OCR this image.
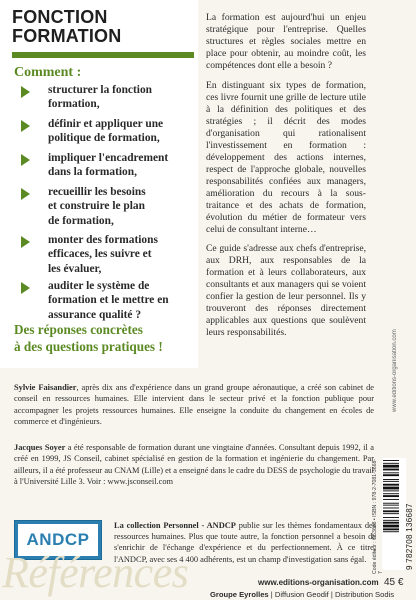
FONCTION
FORMATION
Comment :
structurer la fonction
formation,
définir et appliquer une
politique de formation,
impliquer l'encadrement
dans la formation,
recueillir les besoins
et construire le plan
de formation,
monter des formations
efficaces, les suivre et
les évaluer,
auditer le système de
formation et le mettre en
assurance qualité ?
Des réponses concrètes
à des questions pratiques !

La formation est aujourd'hui un enjeu stratégique pour l'entreprise. Quelles structures et règles sociales mettre en place pour obtenir, au moindre coût, les compétences dont elle a besoin ?

En distinguant six types de formation, ces livre fournit une grille de lecture utile à la définition des politiques et des stratégies ; il décrit des modes d'organisation qui rationalisent l'investissement en formation : développement des actions internes, respect de l'approche globale, nouvelles responsabilités confiées aux managers, amélioration du recours à la sous-traitance et des achats de formation, évolution du métier de formateur vers celui de consultant interne…

Ce guide s'adresse aux chefs d'entreprise, aux DRH, aux responsables de la formation et à leurs collaborateurs, aux consultants et aux managers qui se voient confier la gestion de leur personnel. Ils y trouveront des réponses directement applicables aux questions que soulèvent leurs responsabilités.

Sylvie Faisandier, après dix ans d'expérience dans un grand groupe aéronautique, a créé son cabinet de conseil en ressources humaines. Elle intervient dans le secteur privé et la fonction publique pour accompagner les projets ressources humaines. Elle enseigne la conduite du changement en écoles de commerce et d'ingénieurs.

Jacques Soyer a été responsable de formation durant une vingtaine d'années. Consultant depuis 1992, il a créé en 1999, JS Conseil, cabinet spécialisé en gestion de la formation et ingénierie du changement. Par ailleurs, il a été professeur au CNAM (Lille) et a enseigné dans le cadre du DESS de psychologie du travail à l'Université Lille 3. Voir : www.jsconseil.com

ANDCP

La collection Personnel - ANDCP publie sur les thèmes fondamentaux des ressources humaines. Plus que toute autre, la fonction personnel a besoin de s'enrichir de l'échange d'expérience et du perfectionnement. À ce titre, l'ANDCP, avec ses 4 400 adhérents, est un champ d'investigation sans égal.

Références	www.editions-organisation.com 45 €
Groupe Eyrolles | Diffusion Geodif | Distribution Sodis
www.editions-organisation.com
Code éditeur : G53668 • ISBN : 978-2-7081-3668-7
9 782708 136687
